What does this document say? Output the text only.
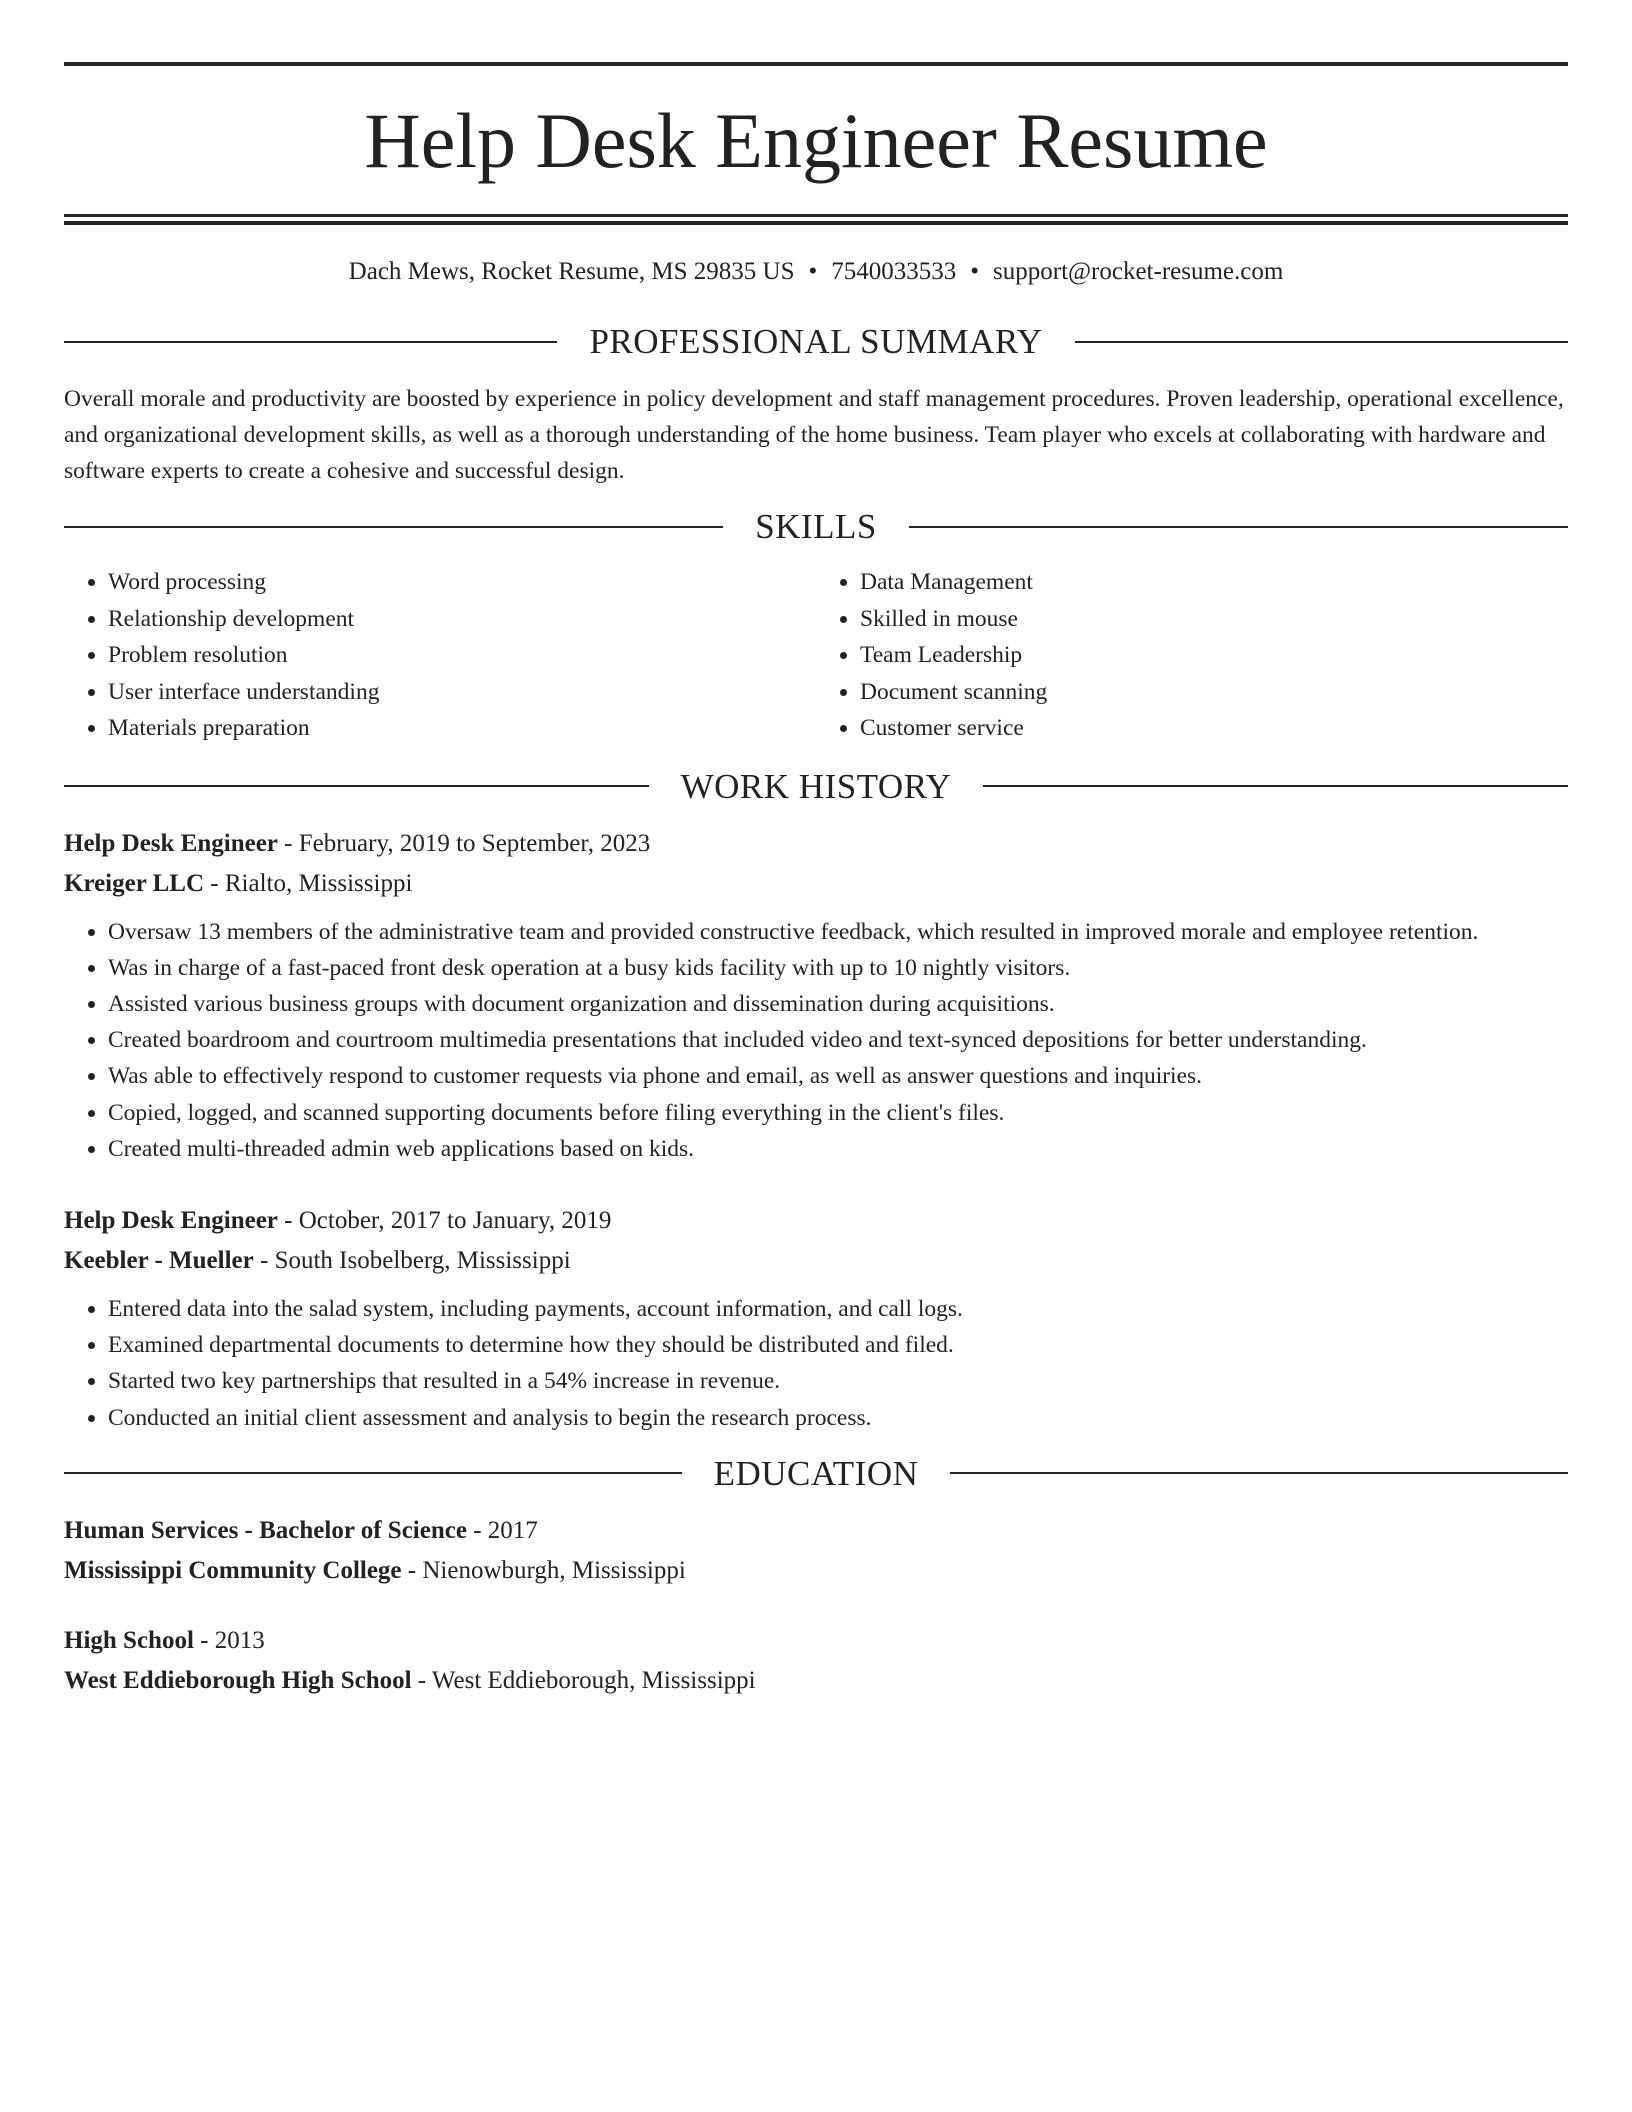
Help Desk Engineer Resume
Dach Mews, Rocket Resume, MS 29835 US • 7540033533 • support@rocket-resume.com
PROFESSIONAL SUMMARY
Overall morale and productivity are boosted by experience in policy development and staff management procedures. Proven leadership, operational excellence, and organizational development skills, as well as a thorough understanding of the home business. Team player who excels at collaborating with hardware and software experts to create a cohesive and successful design.
SKILLS
• Word processing
• Relationship development
• Problem resolution
• User interface understanding
• Materials preparation
• Data Management
• Skilled in mouse
• Team Leadership
• Document scanning
• Customer service
WORK HISTORY
Help Desk Engineer - February, 2019 to September, 2023
Kreiger LLC - Rialto, Mississippi
• Oversaw 13 members of the administrative team and provided constructive feedback, which resulted in improved morale and employee retention.
• Was in charge of a fast-paced front desk operation at a busy kids facility with up to 10 nightly visitors.
• Assisted various business groups with document organization and dissemination during acquisitions.
• Created boardroom and courtroom multimedia presentations that included video and text-synced depositions for better understanding.
• Was able to effectively respond to customer requests via phone and email, as well as answer questions and inquiries.
• Copied, logged, and scanned supporting documents before filing everything in the client's files.
• Created multi-threaded admin web applications based on kids.
Help Desk Engineer - October, 2017 to January, 2019
Keebler - Mueller - South Isobelberg, Mississippi
• Entered data into the salad system, including payments, account information, and call logs.
• Examined departmental documents to determine how they should be distributed and filed.
• Started two key partnerships that resulted in a 54% increase in revenue.
• Conducted an initial client assessment and analysis to begin the research process.
EDUCATION
Human Services - Bachelor of Science - 2017
Mississippi Community College - Nienowburgh, Mississippi
High School - 2013
West Eddieborough High School - West Eddieborough, Mississippi
